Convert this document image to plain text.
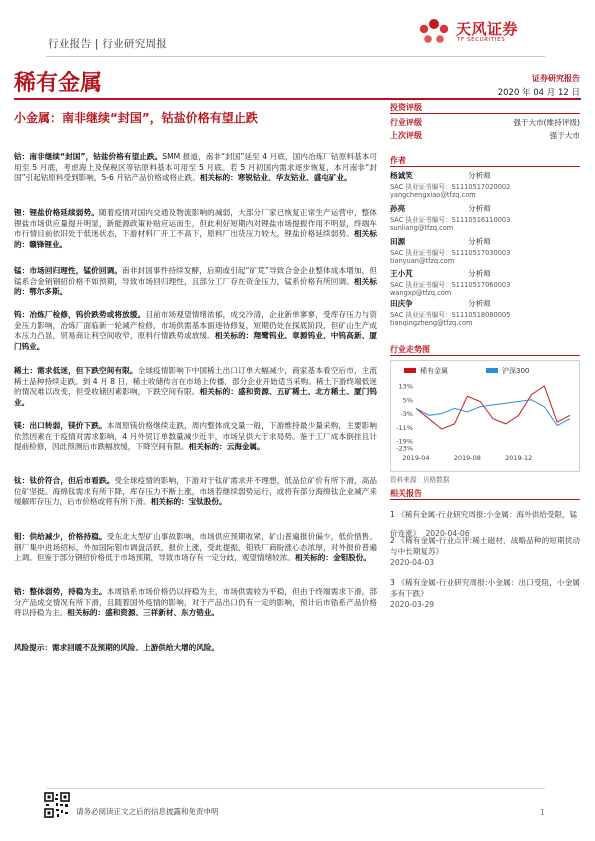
行业报告 | 行业研究周报
天风证券
TF SECURITIES
稀有金属	证券研究报告
2020 年 04 月 12 日
小金属：南非继续“封国”，钴盐价格有望止跌
钴：南非继续“封国”，钴盐价格有望止跌。SMM 报道，南非“封国”延至 4 月底，国内冶炼厂钴原料基本可用至 5 月底，考虑海上及保税区等钴原料基本可用至 5 月底。若 5 月初国内需求逐步恢复，本月南非“封国”引起钴原料受到影响，5-6 月钴产品价格或将止跌。相关标的：寒锐钴业、华友钴业、盛屯矿业。
锂：锂盐价格延续弱势。随着疫情对国内交通及物流影响的减弱，大部分厂家已恢复正常生产运营中，整体锂盐市场供应量提升明显，新能源政策补贴应运而生，但此利好短期内对锂盐市场提振作用不明显，终端车市行情目前依旧处于低迷状态，下游材料厂开工不高下，原料厂出货压力较大，锂盐价格延续弱势。相关标的：赣锋锂业。
锰：市场回归理性，锰价回调。南非封国事件持续发酵，后期或引起“矿荒”导致合金企业整体成本增加，但锰系合金销钢招价格不如预期，导致市场回归理性，且部分工厂存在资金压力，锰系价格有所回调。相关标的：鄂尔多斯。
钨：冶炼厂检修，钨价跌势或将放缓。目前市场观望情绪浓郁，成交冷清，企业新单寥寥，受库存压力与资金压力影响，冶炼厂面临新一轮减产检修，市场供需基本面逐待修复，短期仍处在探底阶段，但矿山生产成本压力凸显，贸易商让利空间收窄，原料行情跌势或放缓。相关标的：翔鹭钨业、章源钨业、中钨高新、厦门钨业。
稀土：需求低迷，但下跌空间有限。全球疫情影响下中国稀土出口订单大幅减少，商家基本看空后市，主流稀土品种持续走跌。到 4 月 8 日，稀土收储传言在市场上传播，部分企业开始适当采购。稀土下游终端低迷的情况难以改变，但受收储因素影响，下跌空间有限。相关标的：盛和资源、五矿稀土、北方稀土、厦门钨业。
镁：出口转弱，镁价下跌。本周原镁价格继续走跌，周内整体成交量一般，下游维持最少量采购，主要影响依然因素在于疫情对需求影响，4 月外贸订单数量减少近半，市场呈供大于求局势。鉴于工厂成本倒挂且计提前检修，因此预测后市跌幅放缓，下降空间有限。相关标的：云海金属。
钛：钛价符合，但后市看跌。受全球疫情的影响，下游对于钛矿需求并不理想，低品位矿价有所下滑，高品位矿坚挺。海绵钛需求有所下降，库存压力不断上涨，市场若继续弱势运行，或将有部分海绵钛企业减产来缓解库存压力，后市价格或将有所下滑。相关标的：宝钛股份。
钼：供给减少，价格持稳。受东北大型矿山事故影响，市场供应预期收紧，矿山普遍报价偏少，低价惜售。钢厂集中进场招标，外加国际钼市调盘活跃，报价上涨，受此提振，钼铁厂商盼涨心态浓厚，对外报价普遍上调。但鉴于部分钢招价格低于市场预期，导致市场存有一定分歧，观望情绪较浓。相关标的：金钼股份。
锆：整体弱势，持稳为主。本周锆系市场价格仍以持稳为主，市场供需较为平稳，但由于终端需求下滑，部分产品成交情况有所下滑，且随着国外疫情的影响，对于产品出口仍有一定的影响，预计后市锆系产品价格将以持稳为主。相关标的：盛和资源、三祥新材、东方锆业。
风险提示：需求回暖不及预期的风险、上游供给大增的风险。
投资评级
行业评级	强于大市(维持评级)
上次评级	强于大市
作者
杨诚笑	分析师
SAC 执业证书编号：S1110517020002
yangchengxiao@tfzq.com
孙亮	分析师
SAC 执业证书编号：S1110516110003
sunliang@tfzq.com
田源	分析师
SAC 执业证书编号：S1110517030003
tianyuan@tfzq.com
王小芃	分析师
SAC 执业证书编号：S1110517060003
wangxp@tfzq.com
田庆争	分析师
SAC 执业证书编号：S1110518080005
tianqingzheng@tfzq.com
行业走势图
稀有金属	沪深300
13%
5%
-3%
-11%
-19%
-23%
2019-04	2019-08	2019-12
资料来源：贝格数据
相关报告
1 《稀有金属-行业研究周报:小金属：海外供给受限，锰价连涨》 2020-04-06
2 《稀有金属-行业点评:稀土磁材，战略品种的短期扰动与中长期复苏》
2020-04-03
3 《稀有金属-行业研究周报:小金属：出口受阻，小金属多有下跌》
2020-03-29
请务必阅读正文之后的信息披露和免责申明	1
